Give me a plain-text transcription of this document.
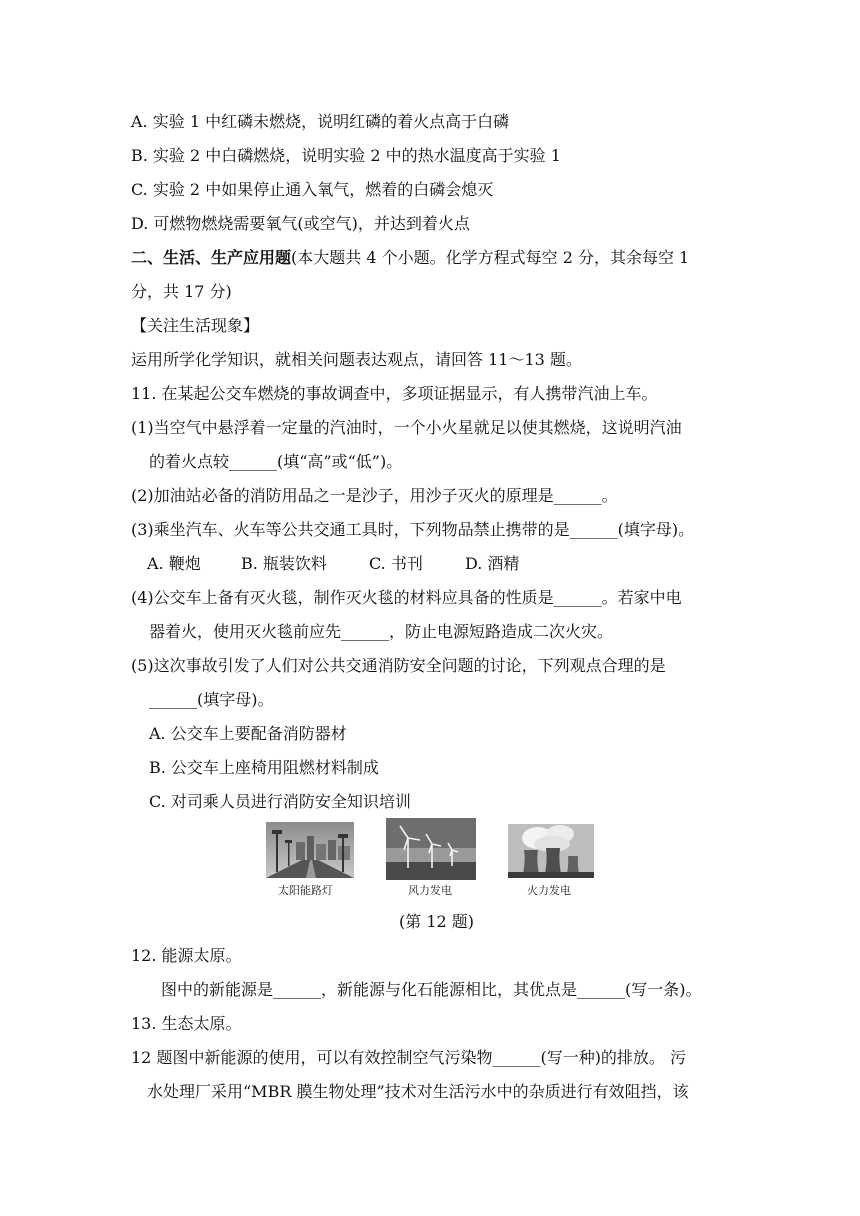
A. 实验 1 中红磷未燃烧，说明红磷的着火点高于白磷
B. 实验 2 中白磷燃烧，说明实验 2 中的热水温度高于实验 1
C. 实验 2 中如果停止通入氧气，燃着的白磷会熄灭
D. 可燃物燃烧需要氧气(或空气)，并达到着火点
二、生活、生产应用题(本大题共 4 个小题。化学方程式每空 2 分，其余每空 1
分，共 17 分)
【关注生活现象】
运用所学化学知识，就相关问题表达观点，请回答 11～13 题。
11. 在某起公交车燃烧的事故调查中，多项证据显示，有人携带汽油上车。
(1)当空气中悬浮着一定量的汽油时，一个小火星就足以使其燃烧，这说明汽油
的着火点较______(填“高”或“低”)。
(2)加油站必备的消防用品之一是沙子，用沙子灭火的原理是______。
(3)乘坐汽车、火车等公共交通工具时，下列物品禁止携带的是______(填字母)。
A. 鞭炮	B. 瓶装饮料	C. 书刊	D. 酒精
(4)公交车上备有灭火毯，制作灭火毯的材料应具备的性质是______。若家中电
器着火，使用灭火毯前应先______，防止电源短路造成二次火灾。
(5)这次事故引发了人们对公共交通消防安全问题的讨论，下列观点合理的是
______(填字母)。
A. 公交车上要配备消防器材
B. 公交车上座椅用阻燃材料制成
C. 对司乘人员进行消防安全知识培训
太阳能路灯	风力发电	火力发电
(第 12 题)
12. 能源太原。
图中的新能源是______，新能源与化石能源相比，其优点是______(写一条)。
13. 生态太原。
12 题图中新能源的使用，可以有效控制空气污染物______(写一种)的排放。 污
水处理厂采用“MBR 膜生物处理”技术对生活污水中的杂质进行有效阻挡，该
